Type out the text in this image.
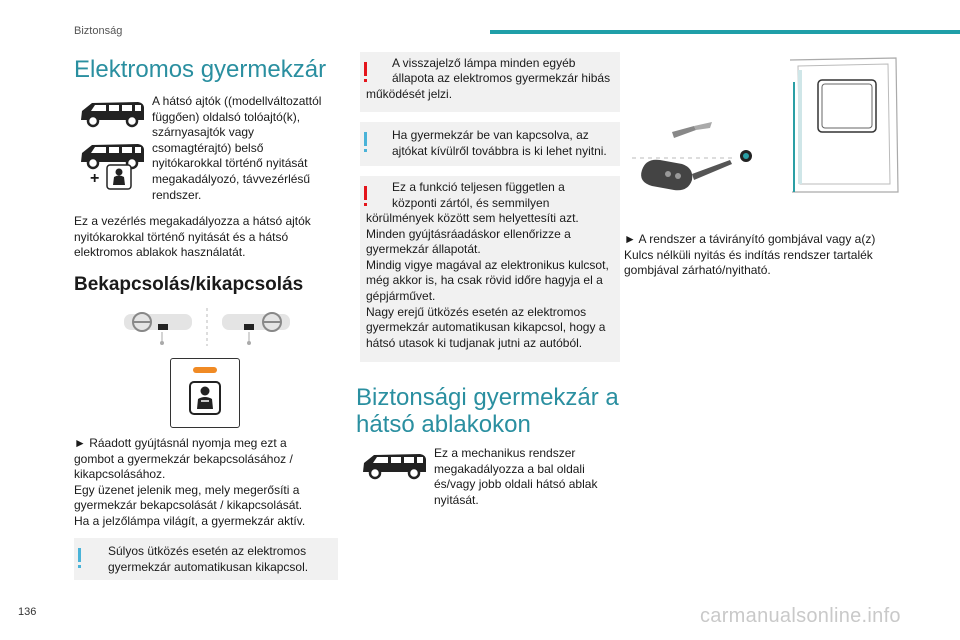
Biztonság
Elektromos gyermekzár
+

A hátsó ajtók ((modellváltozattól

függően) oldalsó tolóajtó(k),

szárnyasajtók vagy

csomagtérajtó) belső

nyitókarokkal történő nyitását

megakadályozó, távvezérlésű

rendszer.

Ez a vezérlés megakadályozza a hátsó ajtók

nyitókarokkal történő nyitását és a hátsó

elektromos ablakok használatát.

Bekapcsolás/kikapcsolás

► Ráadott gyújtásnál nyomja meg ezt a

gombot a gyermekzár bekapcsolásához /

kikapcsolásához.

Egy üzenet jelenik meg, mely megerősíti a

gyermekzár bekapcsolását / kikapcsolását.

Ha a jelzőlámpa világít, a gyermekzár aktív.

Súlyos ütközés esetén az elektromos

gyermekzár automatikusan kikapcsol.

A visszajelző lámpa minden egyéb

állapota az elektromos gyermekzár hibás

működését jelzi.

Ha gyermekzár be van kapcsolva, az

ajtókat kívülről továbbra is ki lehet nyitni.

Ez a funkció teljesen független a

központi zártól, és semmilyen

körülmények között sem helyettesíti azt.

Minden gyújtásráadáskor ellenőrizze a

gyermekzár állapotát.

Mindig vigye magával az elektronikus kulcsot,

még akkor is, ha csak rövid időre hagyja el a

gépjárművet.

Nagy erejű ütközés esetén az elektromos

gyermekzár automatikusan kikapcsol, hogy a

hátsó utasok ki tudjanak jutni az autóból.

Biztonsági gyermekzár a
hátsó ablakokon

Ez a mechanikus rendszer

megakadályozza a bal oldali

és/vagy jobb oldali hátsó ablak

nyitását.

► A rendszer a távirányító gombjával vagy a(z)

Kulcs nélküli nyitás és indítás rendszer tartalék

gombjával zárható/nyitható.

136	carmanualsonline.info
